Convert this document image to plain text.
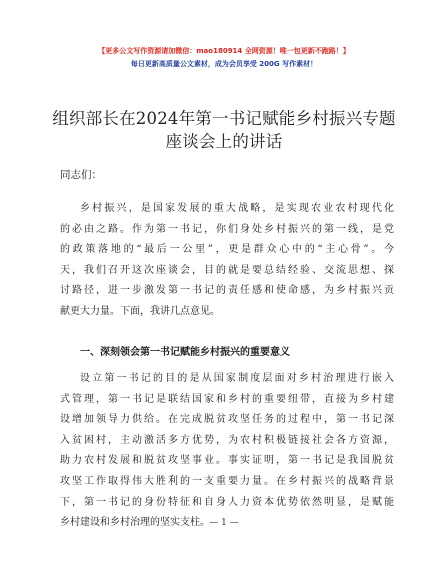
【更多公文写作资源请加微信：mao180914 全网资源！唯一包更新不跑路！】
每日更新高质量公文素材，成为会员享受 200G 写作素材！
组织部长在2024年第一书记赋能乡村振兴专题
座谈会上的讲话
同志们：
乡村振兴，是国家发展的重大战略，是实现农业农村现代化
的必由之路。作为第一书记，你们身处乡村振兴的第一线，是党
的政策落地的“最后一公里”，更是群众心中的“主心骨”。今
天，我们召开这次座谈会，目的就是要总结经验、交流思想、探
讨路径，进一步激发第一书记的责任感和使命感，为乡村振兴贡
献更大力量。下面，我讲几点意见。
一、深刻领会第一书记赋能乡村振兴的重要意义
设立第一书记的目的是从国家制度层面对乡村治理进行嵌入
式管理，第一书记是联结国家和乡村的重要纽带，直接为乡村建
设增加领导力供给。在完成脱贫攻坚任务的过程中，第一书记深
入贫困村，主动激活多方优势，为农村积极链接社会各方资源，
助力农村发展和脱贫攻坚事业。事实证明，第一书记是我国脱贫
攻坚工作取得伟大胜利的一支重要力量。在乡村振兴的战略背景
下，第一书记的身份特征和自身人力资本优势依然明显，是赋能
乡村建设和乡村治理的坚实支柱。 — 1 —
